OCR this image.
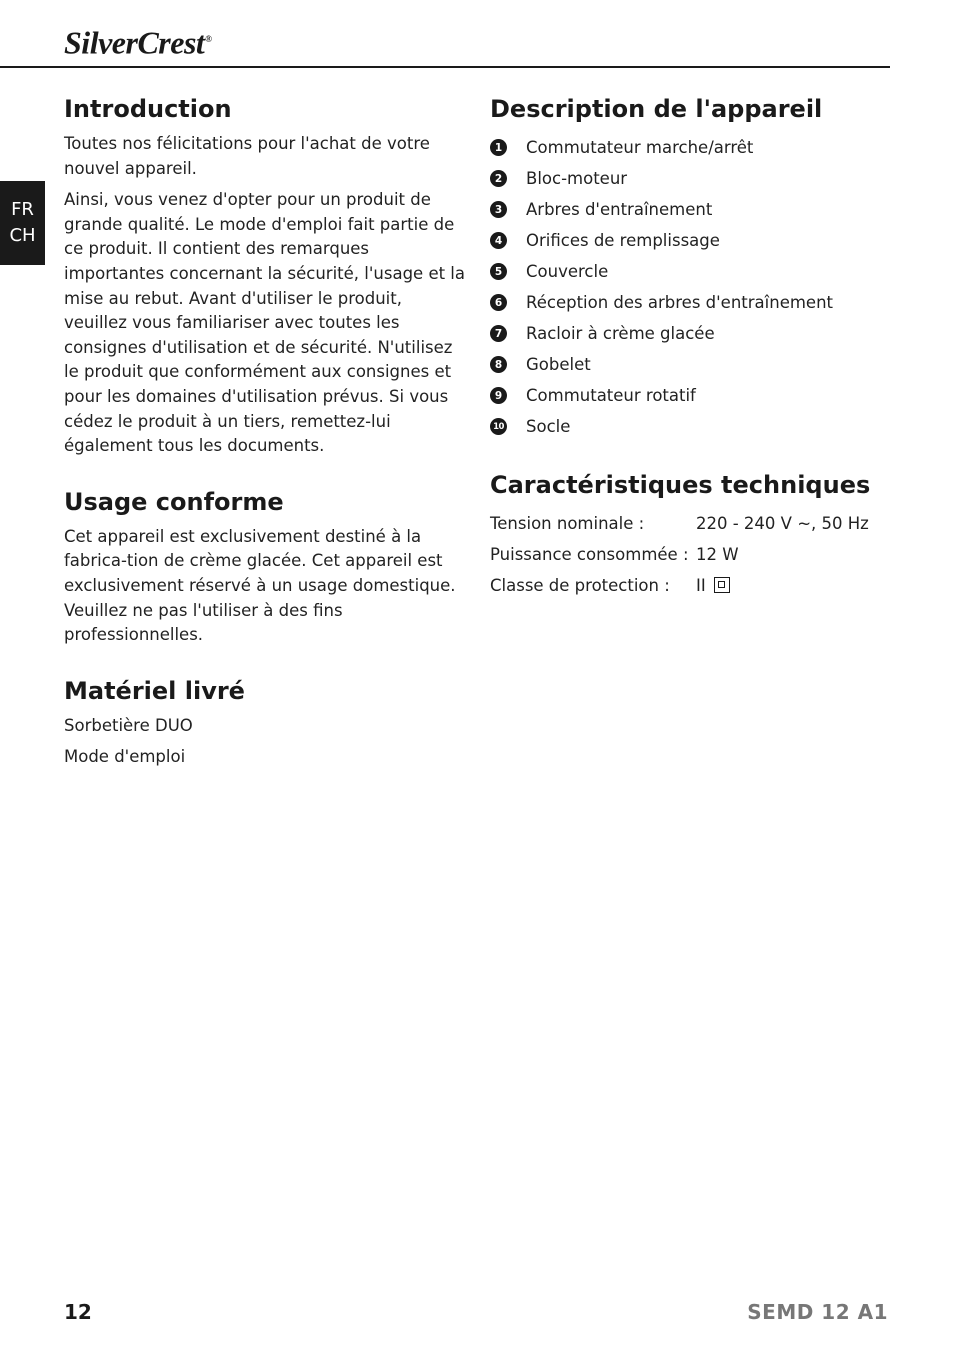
SilverCrest®
FR
CH
Introduction

Toutes nos félicitations pour l'achat de votre nouvel appareil.

Ainsi, vous venez d'opter pour un produit de grande qualité. Le mode d'emploi fait partie de ce produit. Il contient des remarques importantes concernant la sécurité, l'usage et la mise au rebut. Avant d'utiliser le produit, veuillez vous familiariser avec toutes les consignes d'utilisation et de sécurité. N'utilisez le produit que conformément aux consignes et pour les domaines d'utilisation prévus. Si vous cédez le produit à un tiers, remettez-lui également tous les documents.

Usage conforme

Cet appareil est exclusivement destiné à la fabrica-tion de crème glacée. Cet appareil est exclusivement réservé à un usage domestique. Veuillez ne pas l'utiliser à des fins professionnelles.

Matériel livré

Sorbetière DUO

Mode d'emploi

Description de l'appareil
1 Commutateur marche/arrêt
2 Bloc-moteur
3 Arbres d'entraînement
4 Orifices de remplissage
5 Couvercle
6 Réception des arbres d'entraînement
7 Racloir à crème glacée
8 Gobelet
9 Commutateur rotatif
10 Socle
Caractéristiques techniques
Tension nominale :	220 - 240 V ~, 50 Hz
Puissance consommée :	12 W
Classe de protection :	II
12	SEMD 12 A1
